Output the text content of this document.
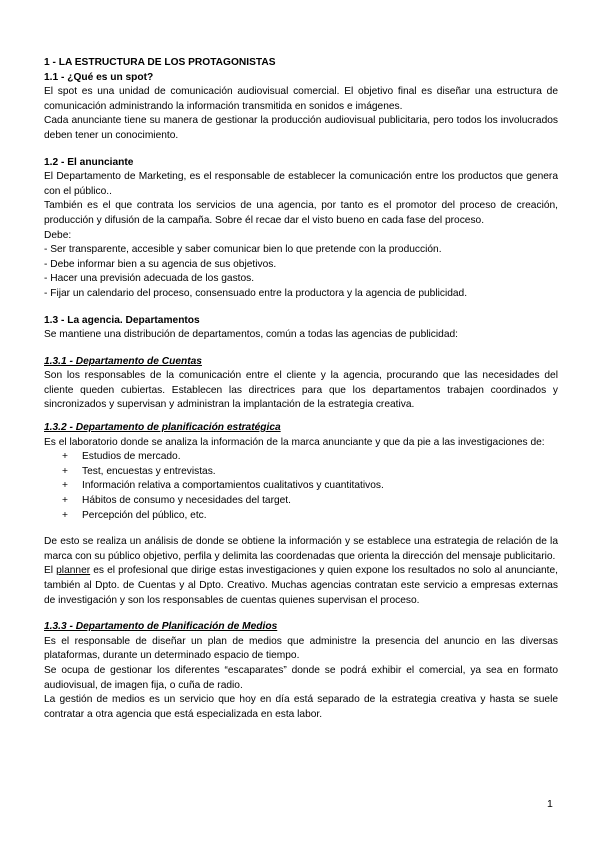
1 - LA ESTRUCTURA DE LOS PROTAGONISTAS

1.1 - ¿Qué es un spot?

El spot es una unidad de comunicación audiovisual comercial. El objetivo final es diseñar una estructura de comunicación administrando la información transmitida en sonidos e imágenes.

Cada anunciante tiene su manera de gestionar la producción audiovisual publicitaria, pero todos los involucrados deben tener un conocimiento.

1.2 - El anunciante

El Departamento de Marketing, es el responsable de establecer la comunicación entre los productos que genera con el público..

También es el que contrata los servicios de una agencia, por tanto es el promotor del proceso de creación, producción y difusión de la campaña. Sobre él recae dar el visto bueno en cada fase del proceso.

Debe:

- Ser transparente, accesible y saber comunicar bien lo que pretende con la producción.

- Debe informar bien a su agencia de sus objetivos.

- Hacer una previsión adecuada de los gastos.

- Fijar un calendario del proceso, consensuado entre la productora y la agencia de publicidad.

1.3 - La agencia. Departamentos

Se mantiene una distribución de departamentos, común a todas las agencias de publicidad:

1.3.1 - Departamento de Cuentas

Son los responsables de la comunicación entre el cliente y la agencia, procurando que las necesidades del cliente queden cubiertas. Establecen las directrices para que los departamentos trabajen coordinados y sincronizados y supervisan y administran la implantación de la estrategia creativa.

1.3.2 - Departamento de planificación estratégica

Es el laboratorio donde se analiza la información de la marca anunciante y que da pie a las investigaciones de:

+	Estudios de mercado.
+	Test, encuestas y entrevistas.
+	Información relativa a comportamientos cualitativos y cuantitativos.
+	Hábitos de consumo y necesidades del target.
+	Percepción del público, etc.

De esto se realiza un análisis de donde se obtiene la información y se establece una estrategia de relación de la marca con su público objetivo, perfila y delimita las coordenadas que orienta la dirección del mensaje publicitario.

El planner es el profesional que dirige estas investigaciones y quien expone los resultados no solo al anunciante, también al Dpto. de Cuentas y al Dpto. Creativo. Muchas agencias contratan este servicio a empresas externas de investigación y son los responsables de cuentas quienes supervisan el proceso.

1.3.3 - Departamento de Planificación de Medios

Es el responsable de diseñar un plan de medios que administre la presencia del anuncio en las diversas plataformas, durante un determinado espacio de tiempo.

Se ocupa de gestionar los diferentes “escaparates” donde se podrá exhibir el comercial, ya sea en formato audiovisual, de imagen fija, o cuña de radio.

La gestión de medios es un servicio que hoy en día está separado de la estrategia creativa y hasta se suele contratar a otra agencia que está especializada en esta labor.

1
